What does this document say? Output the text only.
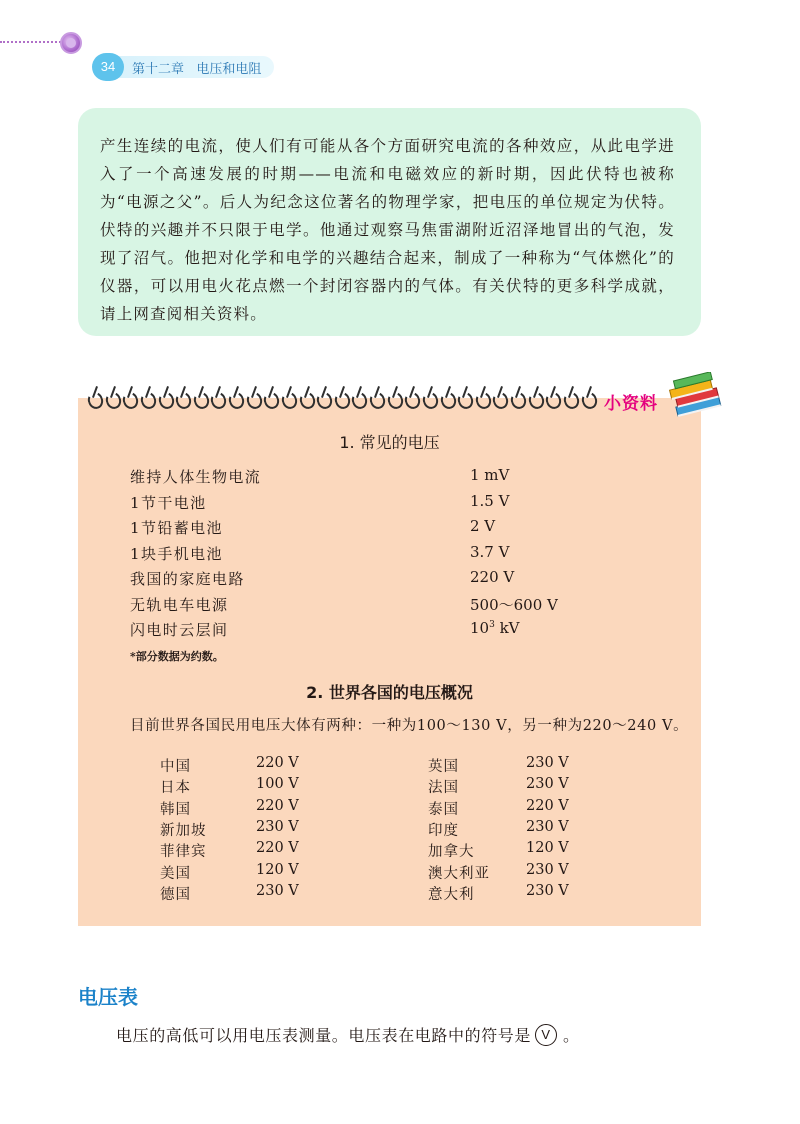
34	第十二章   电压和电阻

产生连续的电流，使人们有可能从各个方面研究电流的各种效应，从此电学进入了一个高速发展的时期——电流和电磁效应的新时期，因此伏特也被称为“电源之父”。后人为纪念这位著名的物理学家，把电压的单位规定为伏特。伏特的兴趣并不只限于电学。他通过观察马焦雷湖附近沼泽地冒出的气泡，发现了沼气。他把对化学和电学的兴趣结合起来，制成了一种称为“气体燃化”的仪器，可以用电火花点燃一个封闭容器内的气体。有关伏特的更多科学成就，请上网查阅相关资料。

1. 常见的电压
维持人体生物电流	1 mV
1节干电池	1.5 V
1节铅蓄电池	2 V
1块手机电池	3.7 V
我国的家庭电路	220 V
无轨电车电源	500～600 V
闪电时云层间	$10^3$ kV
*部分数据为约数。
2. 世界各国的电压概况
目前世界各国民用电压大体有两种：一种为100～130 V，另一种为220～240 V。
中国	220 V
日本	100 V
韩国	220 V
新加坡	230 V
菲律宾	220 V
美国	120 V
德国	230 V
英国	230 V
法国	230 V
泰国	220 V
印度	230 V
加拿大	120 V
澳大利亚 230 V
意大利	230 V
小资料
电压表
电压的高低可以用电压表测量。电压表在电路中的符号是 V 。
